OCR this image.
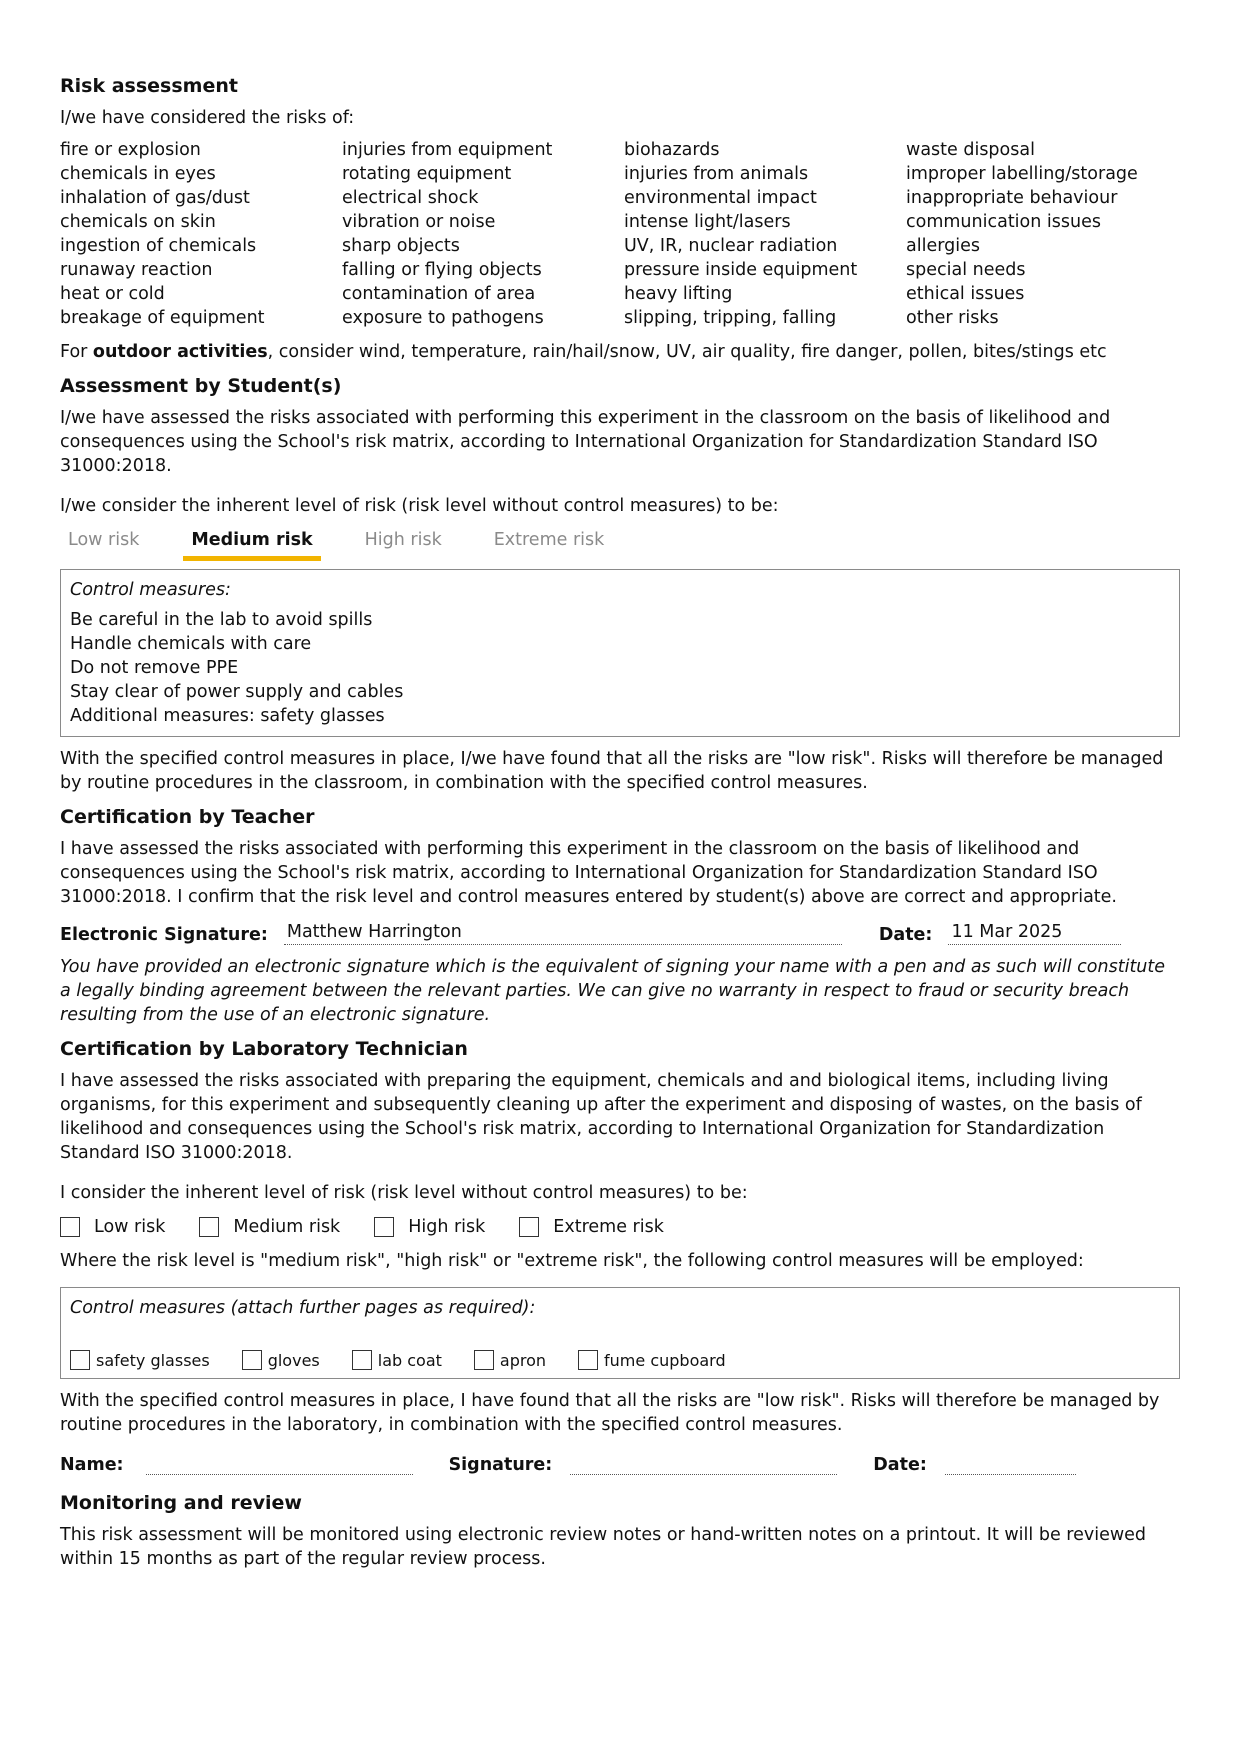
Risk assessment

I/we have considered the risks of:

fire or explosion
chemicals in eyes
inhalation of gas/dust
chemicals on skin
ingestion of chemicals
runaway reaction
heat or cold
breakage of equipment
injuries from equipment
rotating equipment
electrical shock
vibration or noise
sharp objects
falling or flying objects
contamination of area
exposure to pathogens
biohazards
injuries from animals
environmental impact
intense light/lasers
UV, IR, nuclear radiation
pressure inside equipment
heavy lifting
slipping, tripping, falling
waste disposal
improper labelling/storage
inappropriate behaviour
communication issues
allergies
special needs
ethical issues
other risks

For outdoor activities, consider wind, temperature, rain/hail/snow, UV, air quality, fire danger, pollen, bites/stings etc

Assessment by Student(s)

I/we have assessed the risks associated with performing this experiment in the classroom on the basis of likelihood and consequences using the School's risk matrix, according to International Organization for Standardization Standard ISO 31000:2018.

I/we consider the inherent level of risk (risk level without control measures) to be:

Low risk	Medium risk	High risk	Extreme risk
Control measures:
Be careful in the lab to avoid spills
Handle chemicals with care
Do not remove PPE
Stay clear of power supply and cables
Additional measures: safety glasses

With the specified control measures in place, I/we have found that all the risks are "low risk". Risks will therefore be managed by routine procedures in the classroom, in combination with the specified control measures.

Certification by Teacher

I have assessed the risks associated with performing this experiment in the classroom on the basis of likelihood and consequences using the School's risk matrix, according to International Organization for Standardization Standard ISO 31000:2018. I confirm that the risk level and control measures entered by student(s) above are correct and appropriate.

Electronic Signature: Matthew Harrington	Date: 11 Mar 2025

You have provided an electronic signature which is the equivalent of signing your name with a pen and as such will constitute a legally binding agreement between the relevant parties. We can give no warranty in respect to fraud or security breach resulting from the use of an electronic signature.

Certification by Laboratory Technician

I have assessed the risks associated with preparing the equipment, chemicals and and biological items, including living organisms, for this experiment and subsequently cleaning up after the experiment and disposing of wastes, on the basis of likelihood and consequences using the School's risk matrix, according to International Organization for Standardization Standard ISO 31000:2018.

I consider the inherent level of risk (risk level without control measures) to be:

Low risk	Medium risk	High risk	Extreme risk

Where the risk level is "medium risk", "high risk" or "extreme risk", the following control measures will be employed:

Control measures (attach further pages as required):
safety glasses	gloves	lab coat	apron	fume cupboard

With the specified control measures in place, I have found that all the risks are "low risk". Risks will therefore be managed by routine procedures in the laboratory, in combination with the specified control measures.

Name:	Signature:	Date:
Monitoring and review

This risk assessment will be monitored using electronic review notes or hand-written notes on a printout. It will be reviewed within 15 months as part of the regular review process.
